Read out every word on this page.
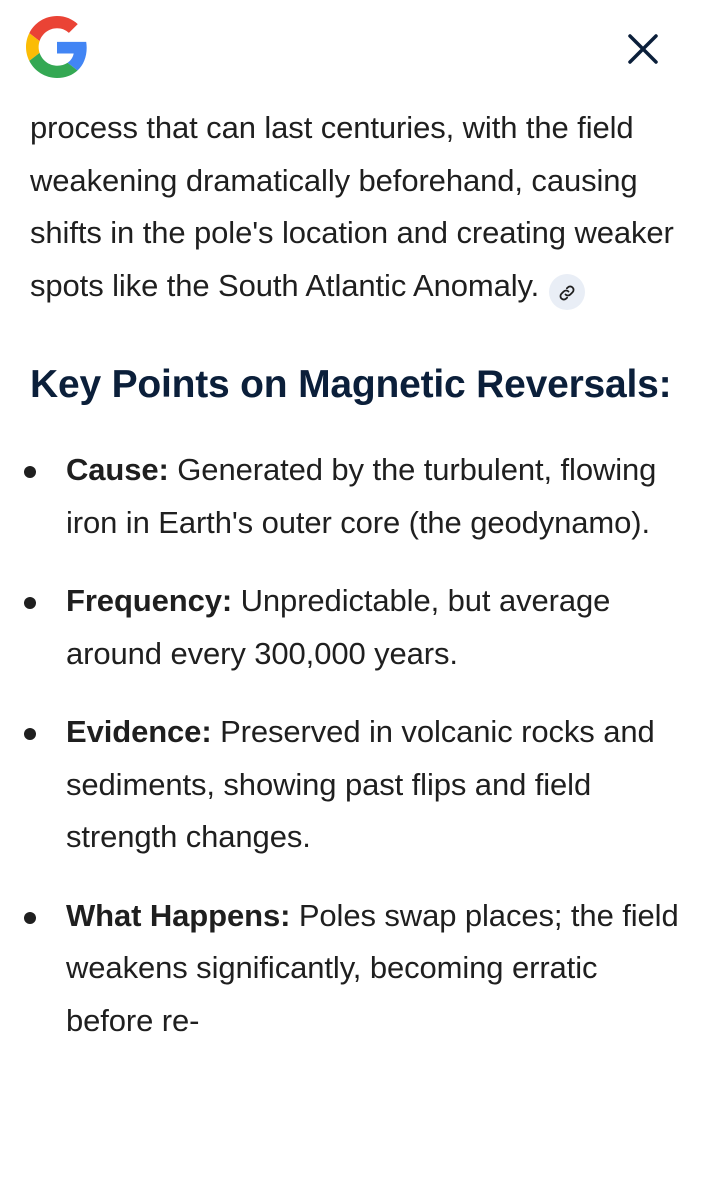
process that can last centuries, with the field weakening dramatically beforehand, causing shifts in the pole's location and creating weaker spots like the South Atlantic Anomaly.

Key Points on Magnetic Reversals:
Cause: Generated by the turbulent, flowing iron in Earth's outer core (the geodynamo).
Frequency: Unpredictable, but average around every 300,000 years.
Evidence: Preserved in volcanic rocks and sediments, showing past flips and field strength changes.
What Happens: Poles swap places; the field weakens significantly, becoming erratic before re-
